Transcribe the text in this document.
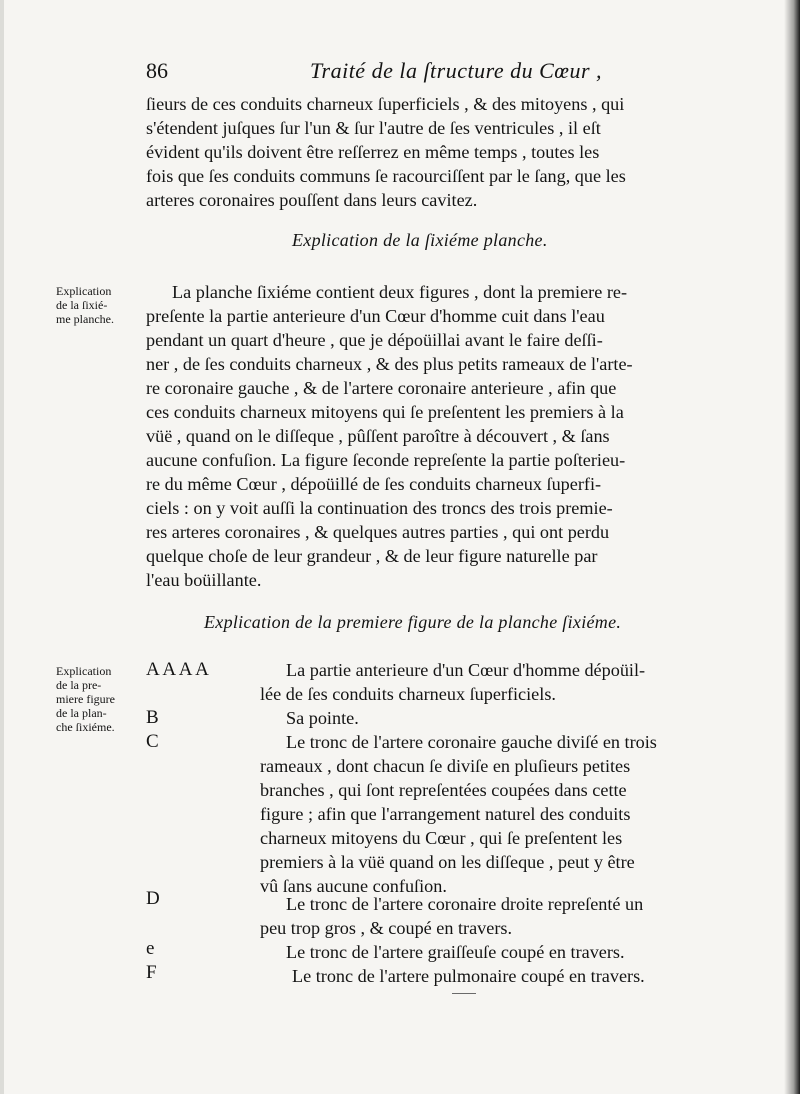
86	Traité de la ſtructure du Cœur ,
ſieurs de ces conduits charneux ſuperficiels , & des mitoyens , qui
s'étendent juſques ſur l'un & ſur l'autre de ſes ventricules , il eſt
évident qu'ils doivent être reſſerrez en même temps , toutes les
fois que ſes conduits communs ſe racourciſſent par le ſang, que les
arteres coronaires pouſſent dans leurs cavitez.
Explication de la ſixiéme planche.
Explication
de la ſixié-
me planche.
La planche ſixiéme contient deux figures , dont la premiere re-
preſente la partie anterieure d'un Cœur d'homme cuit dans l'eau
pendant un quart d'heure , que je dépoüillai avant le faire deſſi-
ner , de ſes conduits charneux , & des plus petits rameaux de l'arte-
re coronaire gauche , & de l'artere coronaire anterieure , afin que
ces conduits charneux mitoyens qui ſe preſentent les premiers à la
vüë , quand on le diſſeque , pûſſent paroître à découvert , & ſans
aucune confuſion. La figure ſeconde repreſente la partie poſterieu-
re du même Cœur , dépoüillé de ſes conduits charneux ſuperfi-
ciels : on y voit auſſi la continuation des troncs des trois premie-
res arteres coronaires , & quelques autres parties , qui ont perdu
quelque choſe de leur grandeur , & de leur figure naturelle par
l'eau boüillante.
Explication de la premiere figure de la planche ſixiéme.
Explication
de la pre-
miere figure
de la plan-
che ſixiéme.
A A A A
B
C
D
e
F
La partie anterieure d'un Cœur d'homme dépoüil-
lée de ſes conduits charneux ſuperficiels.
Sa pointe.
Le tronc de l'artere coronaire gauche diviſé en trois
rameaux , dont chacun ſe diviſe en pluſieurs petites
branches , qui ſont repreſentées coupées dans cette
figure ; afin que l'arrangement naturel des conduits
charneux mitoyens du Cœur , qui ſe preſentent les
premiers à la vüë quand on les diſſeque , peut y être
vû ſans aucune confuſion.
Le tronc de l'artere coronaire droite repreſenté un
peu trop gros , & coupé en travers.
Le tronc de l'artere graiſſeuſe coupé en travers.
Le tronc de l'artere pulmonaire coupé en travers.
